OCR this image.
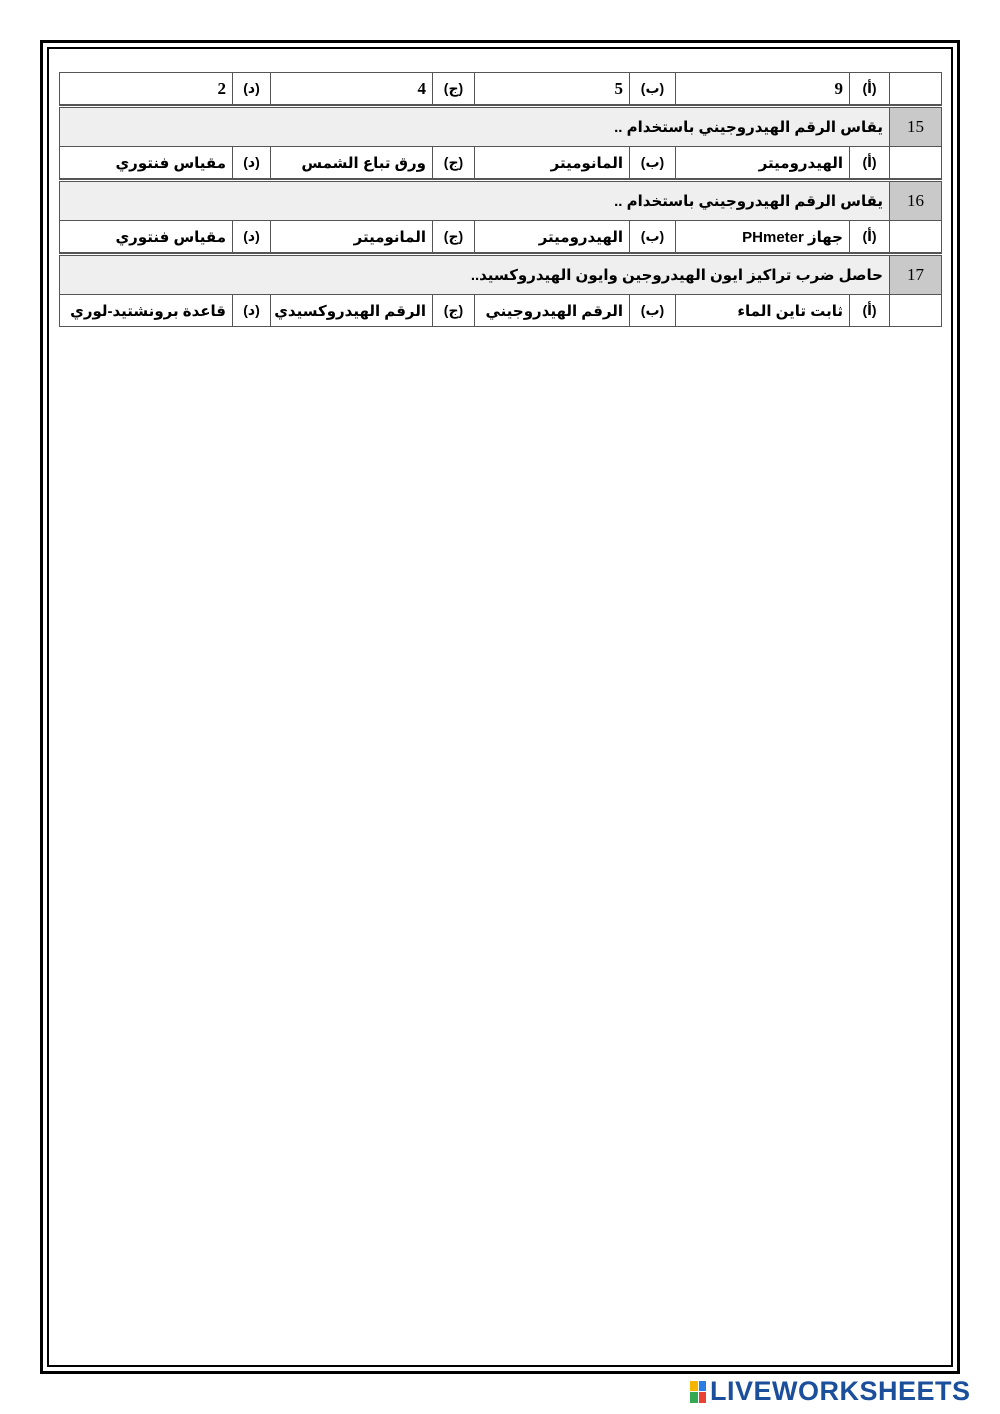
	(أ)	9	(ب)	5	(ج)	4	(د)	2

15	يقاس الرقم الهيدروجيني باستخدام ..							
	(أ)	الهيدروميتر	(ب)	المانوميتر	(ج)	ورق تباع الشمس	(د)	مقياس فنتوري

16	يقاس الرقم الهيدروجيني باستخدام ..							
	(أ)	جهاز PHmeter	(ب)	الهيدروميتر	(ج)	المانوميتر	(د)	مقياس فنتوري

17	حاصل ضرب تراكيز ايون الهيدروجين وايون الهيدروكسيد..							
	(أ)	ثابت تاين الماء	(ب)	الرقم الهيدروجيني	(ج)	الرقم الهيدروكسيدي	(د)	قاعدة برونشتيد-لوري
LIVEWORKSHEETS
